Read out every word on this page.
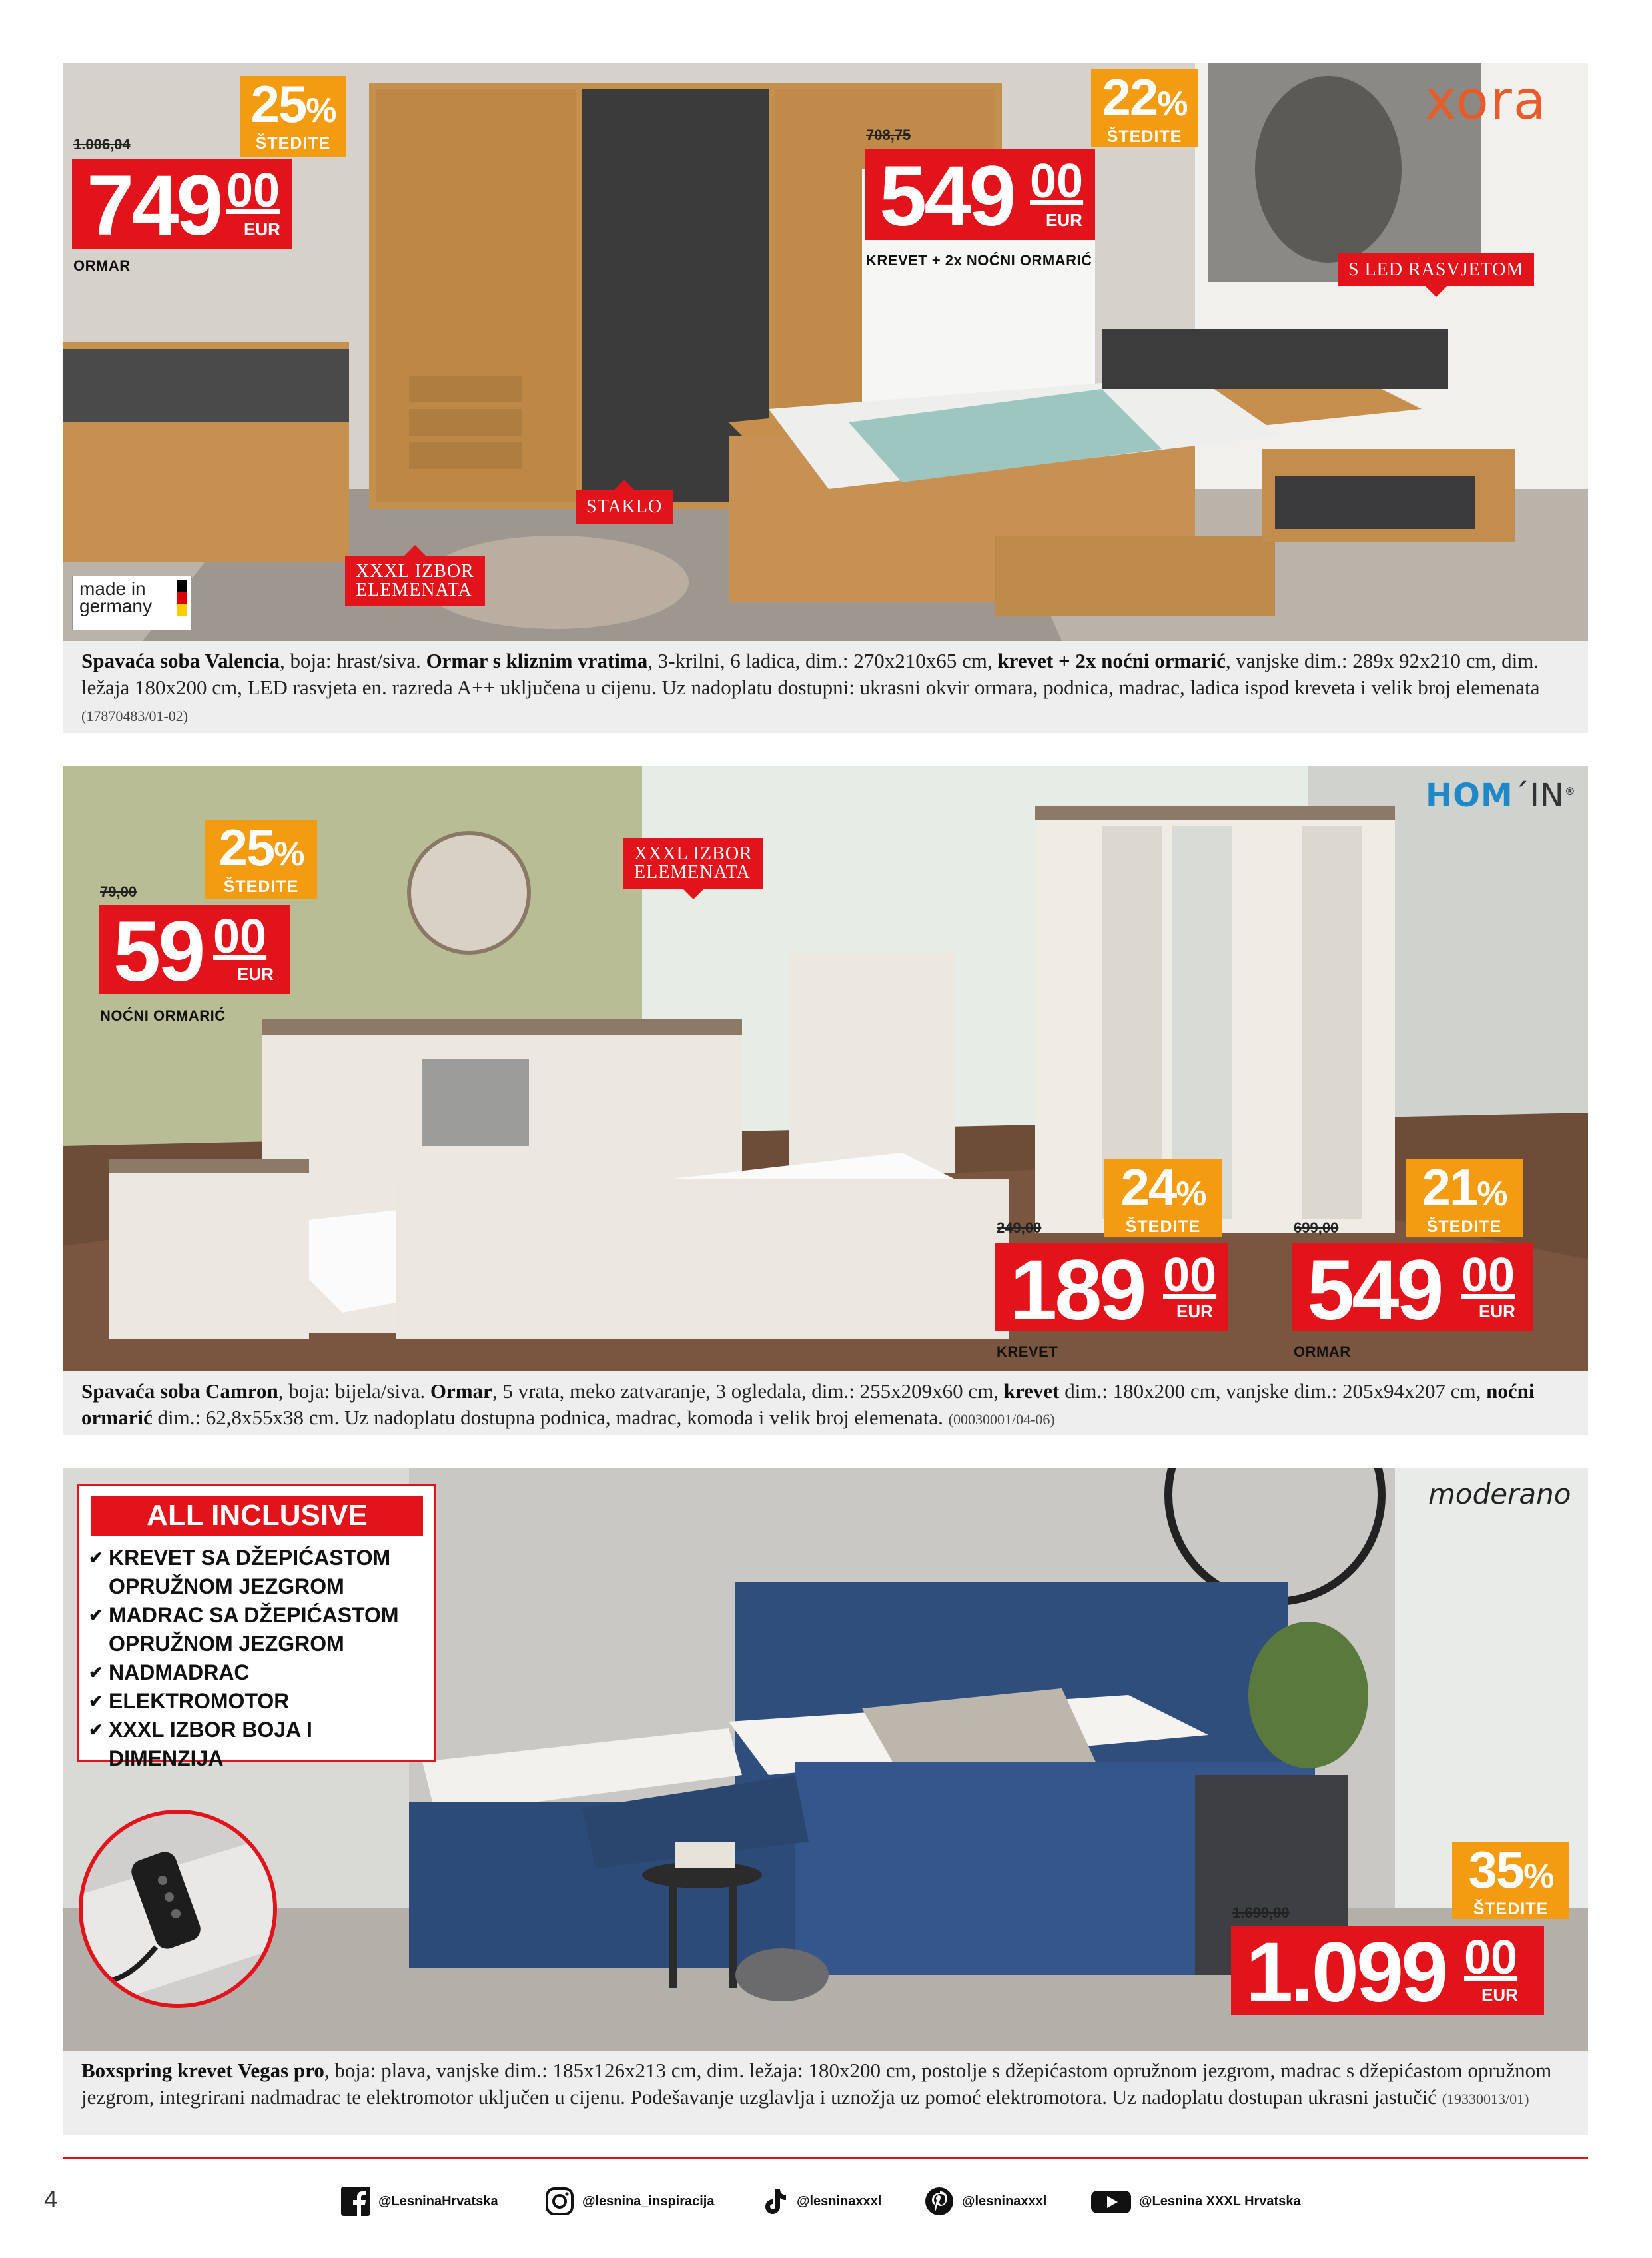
xora
25%
ŠTEDITE
1.006,04
749 00
EUR
ORMAR
22%
ŠTEDITE
708,75
549 00
EUR
KREVET + 2x NOĆNI ORMARIĆ	S LED RASVJETOM
STAKLO
XXXL IZBOR
ELEMENATA
made in
germany
Spavaća soba Valencia, boja: hrast/siva. Ormar s kliznim vratima, 3-krilni, 6 ladica, dim.: 270x210x65 cm, krevet + 2x noćni ormarić, vanjske dim.: 289x 92x210 cm, dim. ležaja 180x200 cm, LED rasvjeta en. razreda A++ uključena u cijenu. Uz nadoplatu dostupni: ukrasni okvir ormara, podnica, madrac, ladica ispod kreveta i velik broj elemenata (17870483/01-02)
HOM´IN®
XXXL IZBOR
ELEMENATA
25%
ŠTEDITE
79,00
59 00
EUR
NOĆNI ORMARIĆ
24%
ŠTEDITE
249,00
189 00
EUR
KREVET
21%
ŠTEDITE
699,00
549 00
EUR
ORMAR
Spavaća soba Camron, boja: bijela/siva. Ormar, 5 vrata, meko zatvaranje, 3 ogledala, dim.: 255x209x60 cm, krevet dim.: 180x200 cm, vanjske dim.: 205x94x207 cm, noćni ormarić dim.: 62,8x55x38 cm. Uz nadoplatu dostupna podnica, madrac, komoda i velik broj elemenata. (00030001/04-06)
moderano
ALL INCLUSIVE
✔ KREVET SA DŽEPIĆASTOM
OPRUŽNOM JEZGROM
✔ MADRAC SA DŽEPIĆASTOM
OPRUŽNOM JEZGROM
✔ NADMADRAC
✔ ELEKTROMOTOR
✔ XXXL IZBOR BOJA I
DIMENZIJA
35%
ŠTEDITE
1.699,00
1.099 00
EUR
Boxspring krevet Vegas pro, boja: plava, vanjske dim.: 185x126x213 cm, dim. ležaja: 180x200 cm, postolje s džepićastom opružnom jezgrom, madrac s džepićastom opružnom jezgrom, integrirani nadmadrac te elektromotor uključen u cijenu. Podešavanje uzglavlja i uznožja uz pomoć elektromotora. Uz nadoplatu dostupan ukrasni jastučić (19330013/01)
4	@LesninaHrvatska	@lesnina_inspiracija	@lesninaxxxl	@lesninaxxxl	@Lesnina XXXL Hrvatska
